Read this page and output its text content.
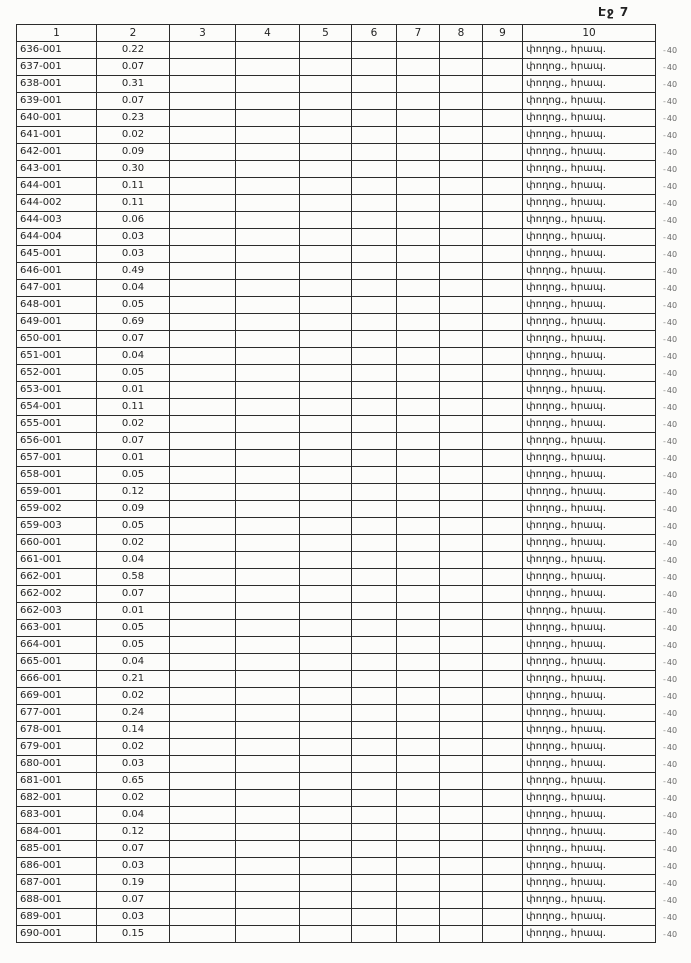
Էջ 7
1	2	3	4	5	6	7	8	9	10	
636-001	0.22								փողոց., հրապ.	- 40
637-001	0.07								փողոց., հրապ.	- 40
638-001	0.31								փողոց., հրապ.	- 40
639-001	0.07								փողոց., հրապ.	- 40
640-001	0.23								փողոց., հրապ.	- 40
641-001	0.02								փողոց., հրապ.	- 40
642-001	0.09								փողոց., հրապ.	- 40
643-001	0.30								փողոց., հրապ.	- 40
644-001	0.11								փողոց., հրապ.	- 40
644-002	0.11								փողոց., հրապ.	- 40
644-003	0.06								փողոց., հրապ.	- 40
644-004	0.03								փողոց., հրապ.	- 40
645-001	0.03								փողոց., հրապ.	- 40
646-001	0.49								փողոց., հրապ.	- 40
647-001	0.04								փողոց., հրապ.	- 40
648-001	0.05								փողոց., հրապ.	- 40
649-001	0.69								փողոց., հրապ.	- 40
650-001	0.07								փողոց., հրապ.	- 40
651-001	0.04								փողոց., հրապ.	- 40
652-001	0.05								փողոց., հրապ.	- 40
653-001	0.01								փողոց., հրապ.	- 40
654-001	0.11								փողոց., հրապ.	- 40
655-001	0.02								փողոց., հրապ.	- 40
656-001	0.07								փողոց., հրապ.	- 40
657-001	0.01								փողոց., հրապ.	- 40
658-001	0.05								փողոց., հրապ.	- 40
659-001	0.12								փողոց., հրապ.	- 40
659-002	0.09								փողոց., հրապ.	- 40
659-003	0.05								փողոց., հրապ.	- 40
660-001	0.02								փողոց., հրապ.	- 40
661-001	0.04								փողոց., հրապ.	- 40
662-001	0.58								փողոց., հրապ.	- 40
662-002	0.07								փողոց., հրապ.	- 40
662-003	0.01								փողոց., հրապ.	- 40
663-001	0.05								փողոց., հրապ.	- 40
664-001	0.05								փողոց., հրապ.	- 40
665-001	0.04								փողոց., հրապ.	- 40
666-001	0.21								փողոց., հրապ.	- 40
669-001	0.02								փողոց., հրապ.	- 40
677-001	0.24								փողոց., հրապ.	- 40
678-001	0.14								փողոց., հրապ.	- 40
679-001	0.02								փողոց., հրապ.	- 40
680-001	0.03								փողոց., հրապ.	- 40
681-001	0.65								փողոց., հրապ.	- 40
682-001	0.02								փողոց., հրապ.	- 40
683-001	0.04								փողոց., հրապ.	- 40
684-001	0.12								փողոց., հրապ.	- 40
685-001	0.07								փողոց., հրապ.	- 40
686-001	0.03								փողոց., հրապ.	- 40
687-001	0.19								փողոց., հրապ.	- 40
688-001	0.07								փողոց., հրապ.	- 40
689-001	0.03								փողոց., հրապ.	- 40
690-001	0.15								փողոց., հրապ.	- 40
